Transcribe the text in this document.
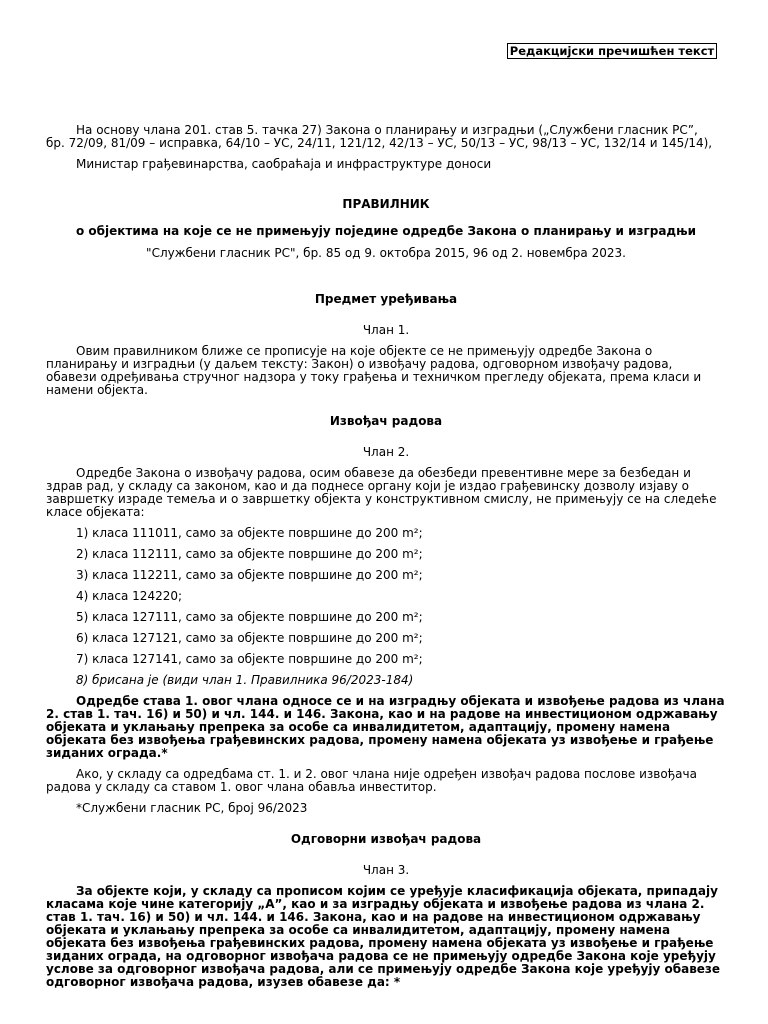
Редакцијски пречишћен текст

На основу члана 201. став 5. тачка 27) Закона о планирању и изградњи („Службени гласник РС”, бр. 72/09, 81/09 – исправка, 64/10 – УС, 24/11, 121/12, 42/13 – УС, 50/13 – УС, 98/13 – УС, 132/14 и 145/14),

Министар грађевинарства, саобраћаја и инфраструктуре доноси

ПРАВИЛНИК

о објектима на које се не примењују поједине одредбе Закона о планирању и изградњи

"Службени гласник РС", бр. 85 од 9. октобра 2015, 96 од 2. новембра 2023.

Предмет уређивања

Члан 1.

Овим правилником ближе се прописује на које објекте се не примењују одредбе Закона о планирању и изградњи (у даљем тексту: Закон) о извођачу радова, одговорном извођачу радова, обавези одређивања стручног надзора у току грађења и техничком прегледу објеката, према класи и намени објекта.

Извођач радова

Члан 2.

Одредбе Закона о извођачу радова, осим обавезе да обезбеди превентивне мере за безбедан и здрав рад, у складу са законом, као и да поднесе органу који је издао грађевинску дозволу изјаву о завршетку израде темеља и о завршетку објекта у конструктивном смислу, не примењују се на следеће класе објеката:

1) класа 111011, само за објекте површине до 200 m²;

2) класа 112111, само за објекте површине до 200 m²;

3) класа 112211, само за објекте површине до 200 m²;

4) класа 124220;

5) класа 127111, само за објекте површине до 200 m²;

6) класа 127121, само за објекте површине до 200 m²;

7) класа 127141, само за објекте површине до 200 m²;

8) брисана је (види члан 1. Правилника 96/2023-184)

Одредбе става 1. овог члана односе се и на изградњу објеката и извођење радова из члана 2. став 1. тач. 16) и 50) и чл. 144. и 146. Закона, као и на радове на инвестиционом одржавању објеката и уклањању препрека за особе са инвалидитетом, адаптацију, промену намена објеката без извођења грађевинских радова, промену намена објеката уз извођење и грађење зиданих ограда.*

Ако, у складу са одредбама ст. 1. и 2. овог члана није одређен извођач радова послове извођача радова у складу са ставом 1. овог члана обавља инвеститор.

*Службени гласник РС, број 96/2023

Одговорни извођач радова

Члан 3.

За објекте који, у складу са прописом којим се уређује класификација објеката, припадају класама које чине категорију „А”, као и за изградњу објеката и извођење радова из члана 2. став 1. тач. 16) и 50) и чл. 144. и 146. Закона, као и на радове на инвестиционом одржавању објеката и уклањању препрека за особе са инвалидитетом, адаптацију, промену намена објеката без извођења грађевинских радова, промену намена објеката уз извођење и грађење зиданих ограда, на одговорног извођача радова се не примењују одредбе Закона које уређују услове за одговорног извођача радова, али се примењују одредбе Закона које уређују обавезе одговорног извођача радова, изузев обавезе да: *
